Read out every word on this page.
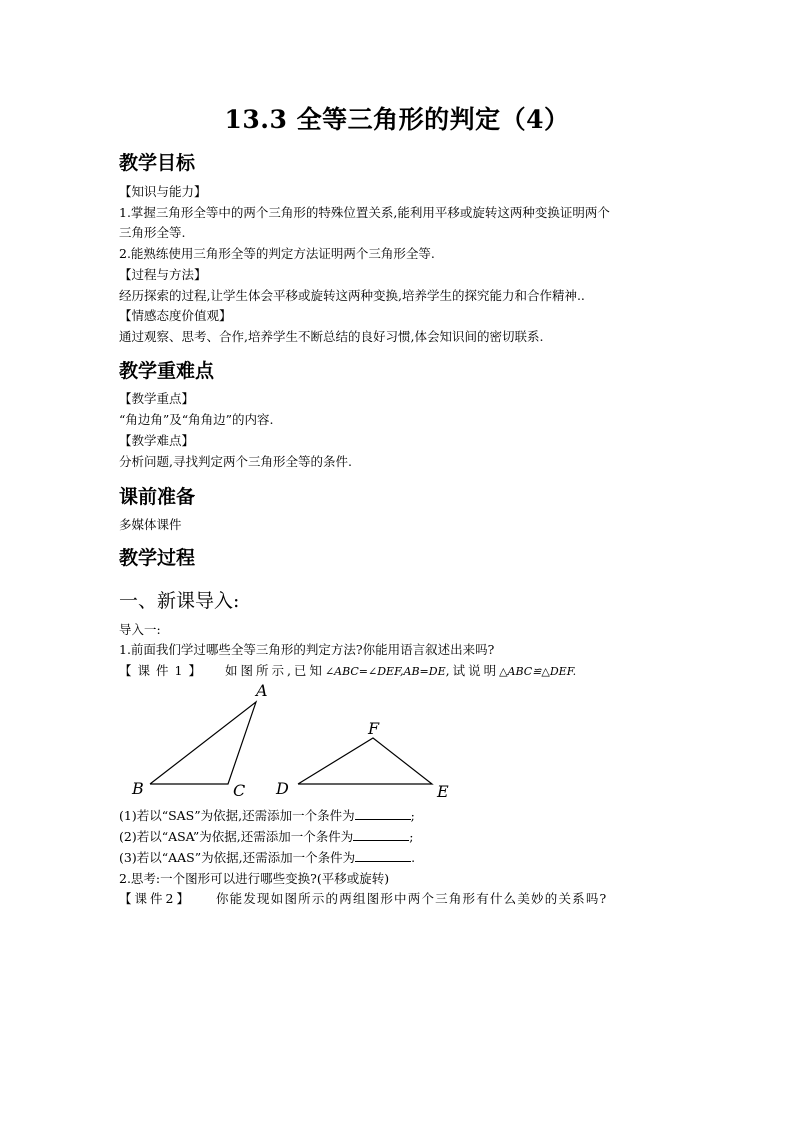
13.3 全等三角形的判定（4）
教学目标
【知识与能力】
1.掌握三角形全等中的两个三角形的特殊位置关系,能利用平移或旋转这两种变换证明两个
三角形全等.
2.能熟练使用三角形全等的判定方法证明两个三角形全等.
【过程与方法】
经历探索的过程,让学生体会平移或旋转这两种变换,培养学生的探究能力和合作精神..
【情感态度价值观】
通过观察、思考、合作,培养学生不断总结的良好习惯,体会知识间的密切联系.
教学重难点
【教学重点】
“角边角”及“角角边”的内容.
【教学难点】
分析问题,寻找判定两个三角形全等的条件.
课前准备
多媒体课件
教学过程
一、新课导入:
导入一:
1.前面我们学过哪些全等三角形的判定方法?你能用语言叙述出来吗?
【课件1】 如图所示,已知∠ABC=∠DEF,AB=DE,试说明△ABC≌△DEF.
A
B	C D	E
F
(1)若以“SAS”为依据,还需添加一个条件为	;
(2)若以“ASA”为依据,还需添加一个条件为	;
(3)若以“AAS”为依据,还需添加一个条件为	.
2.思考:一个图形可以进行哪些变换?(平移或旋转)
【课件2】 你能发现如图所示的两组图形中两个三角形有什么美妙的关系吗?
